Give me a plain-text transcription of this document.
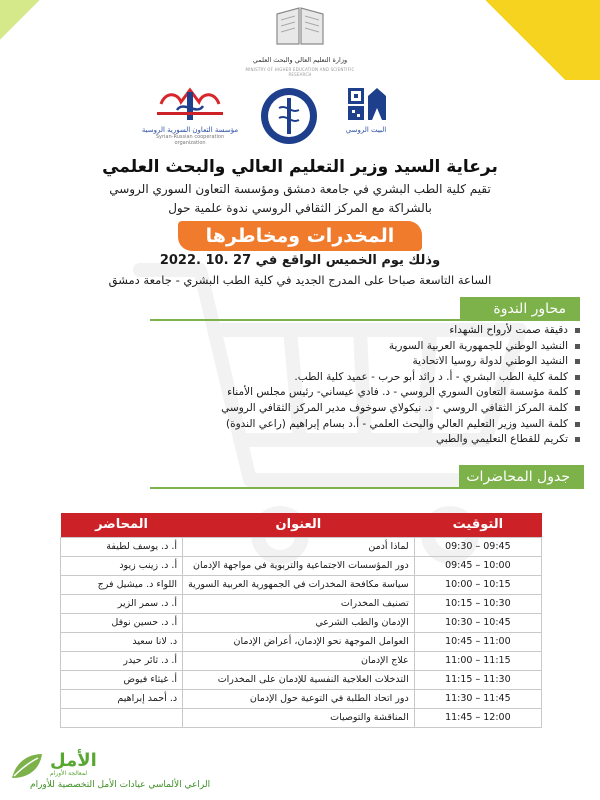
وزارة التعليم العالي والبحث العلمي
MINISTRY OF HIGHER EDUCATION AND SCIENTIFIC RESEARCH
مؤسسة التعاون السورية الروسية
Syrian-Russian cooperation organization
البيت الروسي
برعاية السيد وزير التعليم العالي والبحث العلمي
تقيم كلية الطب البشري في جامعة دمشق ومؤسسة التعاون السوري الروسي
بالشراكة مع المركز الثقافي الروسي ندوة علمية حول
المخدرات ومخاطرها
وذلك يوم الخميس الواقع في 27 .10 .2022
الساعة التاسعة صباحا على المدرج الجديد في كلية الطب البشري - جامعة دمشق
محاور الندوة
دقيقة صمت لأرواح الشهداء
النشيد الوطني للجمهورية العربية السورية
النشيد الوطني لدولة روسيا الاتحادية
كلمة كلية الطب البشري - أ. د رائد أبو حرب - عميد كلية الطب.
كلمة مؤسسة التعاون السوري الروسي - د. فادي عيساني- رئيس مجلس الأمناء
كلمة المركز الثقافي الروسي - د. نيكولاي سوخوف مدير المركز الثقافي الروسي
كلمة السيد وزير التعليم العالي والبحث العلمي - أ.د بسام إبراهيم (راعي الندوة)
تكريم للقطاع التعليمي والطبي
جدول المحاضرات
التوقيت	العنوان	المحاضر
09:30 – 09:45	لماذا أدمن	أ. د. يوسف لطيفة
09:45 – 10:00	دور المؤسسات الاجتماعية والتربوية في مواجهة الإدمان	أ. د. زينب زيود
10:00 – 10:15	سياسة مكافحة المخدرات في الجمهورية العربية السورية	اللواء د. ميشيل فرج
10:15 – 10:30	تصنيف المخدرات	أ. د. سمر الزير
10:30 – 10:45	الإدمان والطب الشرعي	أ. د. حسين نوفل
10:45 – 11:00	العوامل الموجهة نحو الإدمان، أعراض الإدمان	د. لانا سعيد
11:00 – 11:15	علاج الإدمان	أ. د. ثائر حيدر
11:15 – 11:30	التدخلات العلاجية النفسية للإدمان على المخدرات	أ. غيثاء فيوض
11:30 – 11:45	دور اتحاد الطلبة في التوعية حول الإدمان	د. أحمد إبراهيم
11:45 – 12:00	المناقشة والتوصيات	
الأمل
لمعالجة الأورام
الراعي الألماسي عيادات الأمل التخصصية للأورام
